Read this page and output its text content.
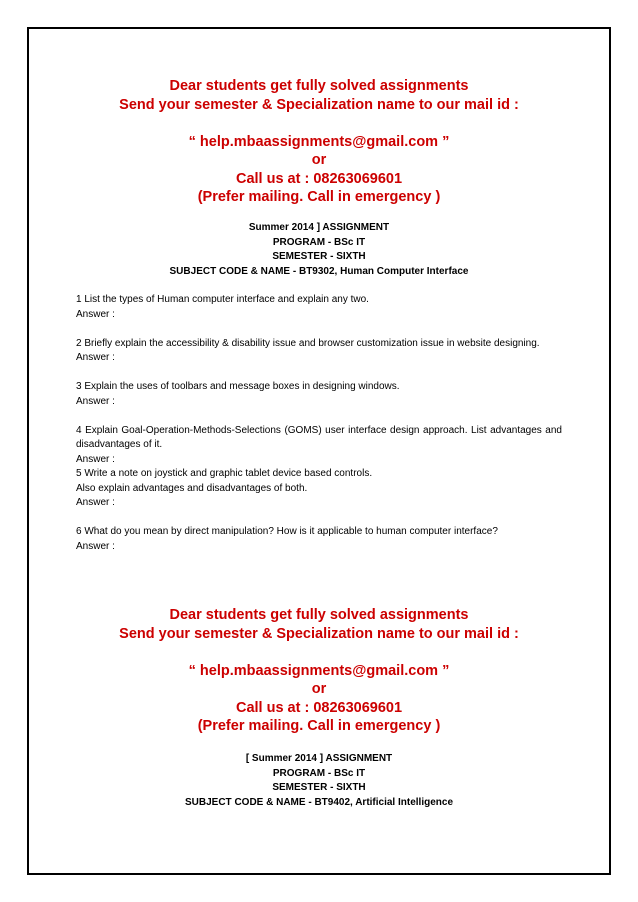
Dear students get fully solved assignments
Send your semester & Specialization name to our mail id :
“ help.mbaassignments@gmail.com ”
or
Call us at : 08263069601
(Prefer mailing. Call in emergency )
Summer 2014 ] ASSIGNMENT
PROGRAM - BSc IT
SEMESTER - SIXTH
SUBJECT CODE & NAME - BT9302, Human Computer Interface

1 List the types of Human computer interface and explain any two.

Answer :

2 Briefly explain the accessibility & disability issue and browser customization issue in website designing.

Answer :

3 Explain the uses of toolbars and message boxes in designing windows.

Answer :

4 Explain Goal-Operation-Methods-Selections (GOMS) user interface design approach. List advantages and disadvantages of it.

Answer :

5 Write a note on joystick and graphic tablet device based controls.

Also explain advantages and disadvantages of both.

Answer :

6 What do you mean by direct manipulation? How is it applicable to human computer interface?

Answer :

Dear students get fully solved assignments
Send your semester & Specialization name to our mail id :
“ help.mbaassignments@gmail.com ”
or
Call us at : 08263069601
(Prefer mailing. Call in emergency )
[ Summer 2014 ] ASSIGNMENT
PROGRAM - BSc IT
SEMESTER - SIXTH
SUBJECT CODE & NAME - BT9402, Artificial Intelligence
